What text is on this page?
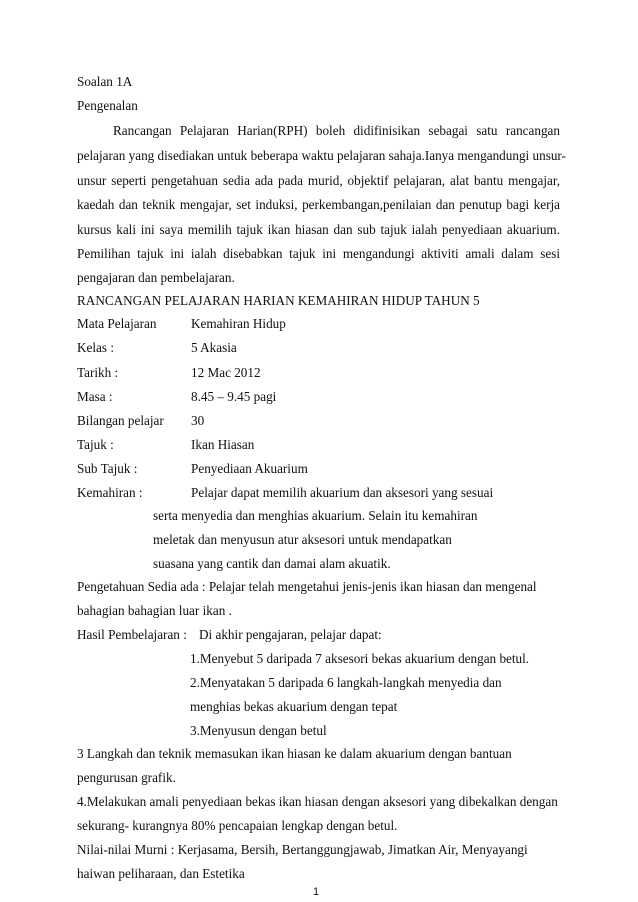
Soalan 1A
Pengenalan
Rancangan Pelajaran Harian(RPH) boleh didifinisikan sebagai satu rancangan
pelajaran yang disediakan untuk beberapa waktu pelajaran sahaja.Ianya mengandungi unsur-
unsur seperti pengetahuan sedia ada pada murid, objektif pelajaran, alat bantu mengajar,
kaedah dan teknik mengajar, set induksi, perkembangan,penilaian dan penutup bagi kerja
kursus kali ini saya memilih tajuk ikan hiasan dan sub tajuk ialah penyediaan akuarium.
Pemilihan tajuk ini ialah disebabkan tajuk ini mengandungi aktiviti amali dalam sesi
pengajaran dan pembelajaran.
RANCANGAN PELAJARAN HARIAN KEMAHIRAN HIDUP TAHUN 5
Mata Pelajaran	Kemahiran Hidup
Kelas :	5 Akasia
Tarikh :	12 Mac 2012
Masa :	8.45 – 9.45 pagi
Bilangan pelajar 30
Tajuk :	Ikan Hiasan
Sub Tajuk :	Penyediaan Akuarium
Kemahiran :	Pelajar dapat memilih akuarium dan aksesori yang sesuai
serta menyedia dan menghias akuarium. Selain itu kemahiran
meletak dan menyusun atur aksesori untuk mendapatkan
suasana yang cantik dan damai alam akuatik.
Pengetahuan Sedia ada : Pelajar telah mengetahui jenis-jenis ikan hiasan dan mengenal
bahagian bahagian luar ikan .
Hasil Pembelajaran : Di akhir pengajaran, pelajar dapat:
1.Menyebut 5 daripada 7 aksesori bekas akuarium dengan betul.
2.Menyatakan 5 daripada 6 langkah-langkah menyedia dan
menghias bekas akuarium dengan tepat
3.Menyusun dengan betul
3 Langkah dan teknik memasukan ikan hiasan ke dalam akuarium dengan bantuan
pengurusan grafik.
4.Melakukan amali penyediaan bekas ikan hiasan dengan aksesori yang dibekalkan dengan
sekurang- kurangnya 80% pencapaian lengkap dengan betul.
Nilai-nilai Murni : Kerjasama, Bersih, Bertanggungjawab, Jimatkan Air, Menyayangi
haiwan peliharaan, dan Estetika
1
